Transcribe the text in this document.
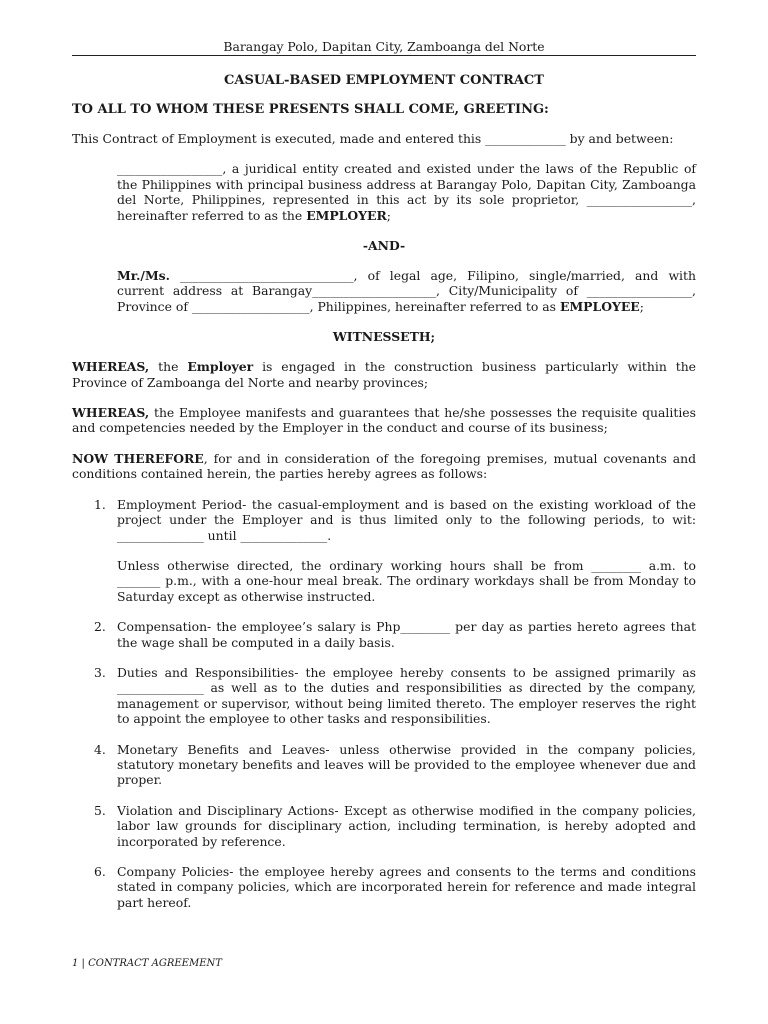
Barangay Polo, Dapitan City, Zamboanga del Norte
CASUAL-BASED EMPLOYMENT CONTRACT
TO ALL TO WHOM THESE PRESENTS SHALL COME, GREETING:

This Contract of Employment is executed, made and entered this _____________ by and between:

_________________, a juridical entity created and existed under the laws of the Republic of the Philippines with principal business address at Barangay Polo, Dapitan City, Zamboanga del Norte, Philippines, represented in this act by its sole proprietor, _________________, hereinafter referred to as the EMPLOYER;

-AND-

Mr./Ms. ____________________________, of legal age, Filipino, single/married, and with current address at Barangay____________________, City/Municipality of _________________, Province of ___________________, Philippines, hereinafter referred to as EMPLOYEE;

WITNESSETH;

WHEREAS, the Employer is engaged in the construction business particularly within the Province of Zamboanga del Norte and nearby provinces;

WHEREAS, the Employee manifests and guarantees that he/she possesses the requisite qualities and competencies needed by the Employer in the conduct and course of its business;

NOW THEREFORE, for and in consideration of the foregoing premises, mutual covenants and conditions contained herein, the parties hereby agrees as follows:

1. Employment Period- the casual-employment and is based on the existing workload of the project under the Employer and is thus limited only to the following periods, to wit: ______________ until ______________.

Unless otherwise directed, the ordinary working hours shall be from ________ a.m. to _______ p.m., with a one-hour meal break. The ordinary workdays shall be from Monday to Saturday except as otherwise instructed.

2. Compensation- the employee’s salary is Php________ per day as parties hereto agrees that the wage shall be computed in a daily basis.

3. Duties and Responsibilities- the employee hereby consents to be assigned primarily as ______________ as well as to the duties and responsibilities as directed by the company, management or supervisor, without being limited thereto. The employer reserves the right to appoint the employee to other tasks and responsibilities.

4. Monetary Benefits and Leaves- unless otherwise provided in the company policies, statutory monetary benefits and leaves will be provided to the employee whenever due and proper.

5. Violation and Disciplinary Actions- Except as otherwise modified in the company policies, labor law grounds for disciplinary action, including termination, is hereby adopted and incorporated by reference.

6. Company Policies- the employee hereby agrees and consents to the terms and conditions stated in company policies, which are incorporated herein for reference and made integral part hereof.

1 | CONTRACT AGREEMENT
